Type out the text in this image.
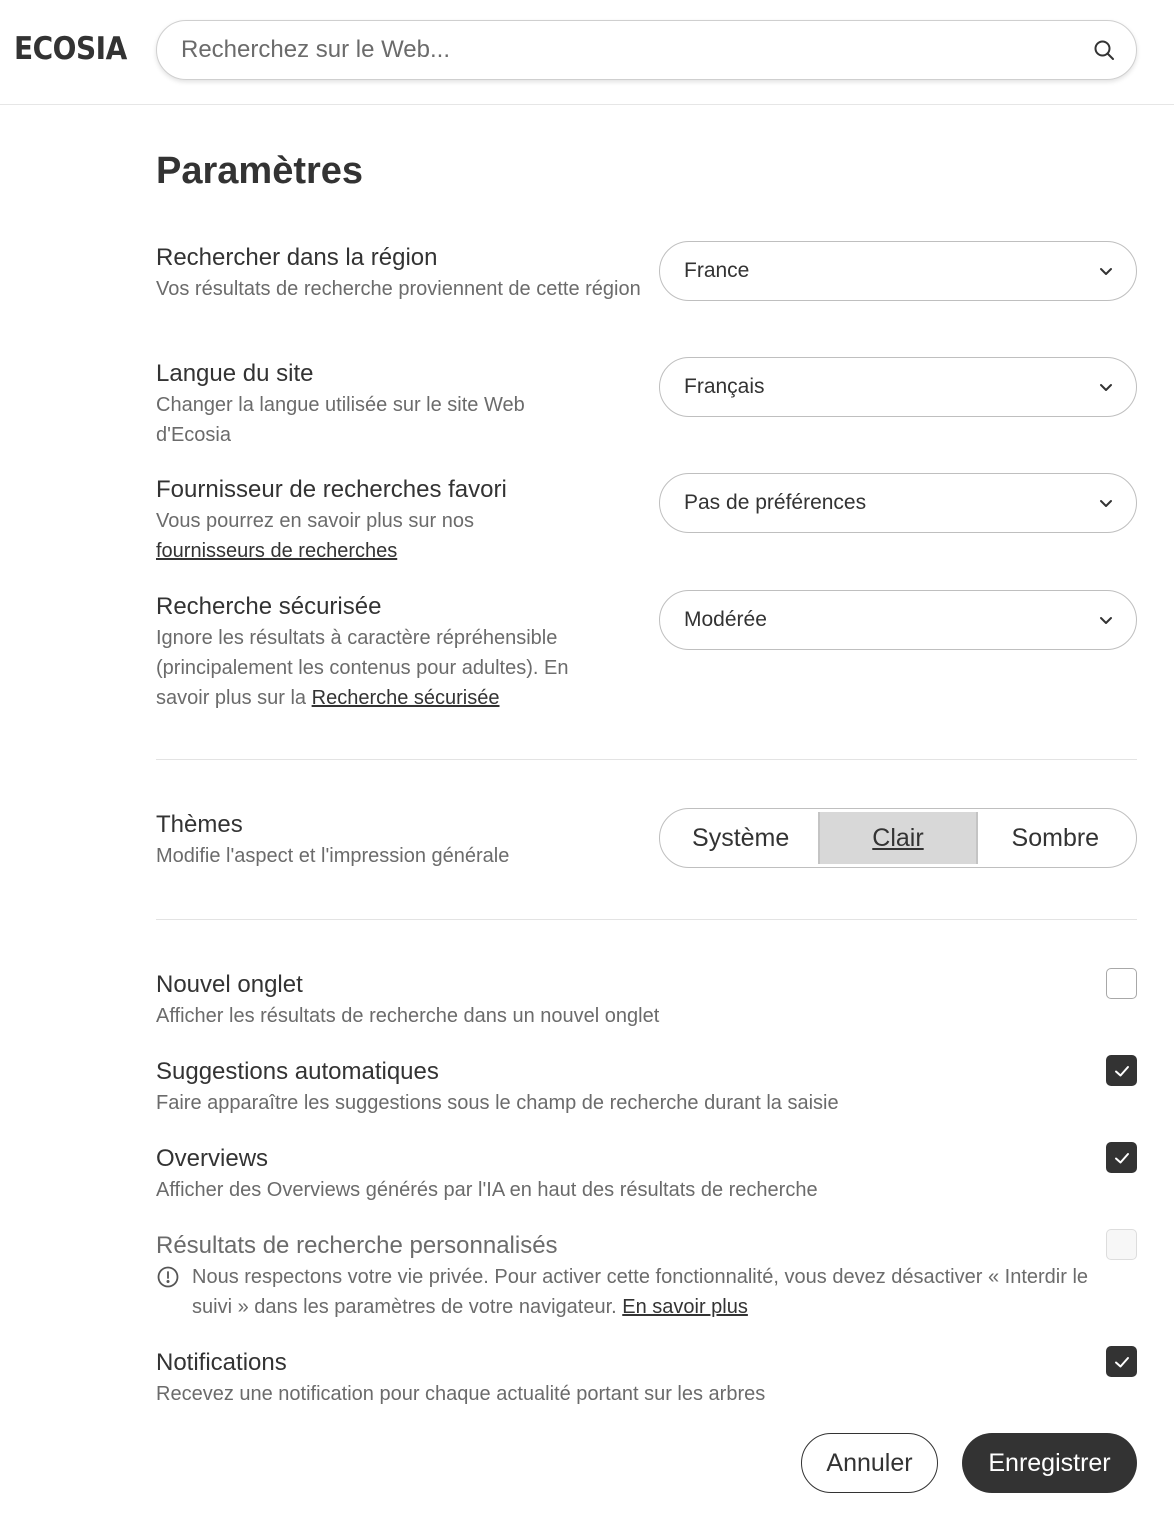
ECOSIA
Recherchez sur le Web...
Paramètres
Rechercher dans la région
Vos résultats de recherche proviennent de cette région
France
Langue du site
Changer la langue utilisée sur le site Web d'Ecosia
Français
Fournisseur de recherches favori
Vous pourrez en savoir plus sur nos
fournisseurs de recherches
Pas de préférences
Recherche sécurisée
Ignore les résultats à caractère répréhensible (principalement les contenus pour adultes). En savoir plus sur la Recherche sécurisée
Modérée
Thèmes
Modifie l'aspect et l'impression générale
Système	Clair	Sombre
Nouvel onglet
Afficher les résultats de recherche dans un nouvel onglet
Suggestions automatiques
Faire apparaître les suggestions sous le champ de recherche durant la saisie
Overviews
Afficher des Overviews générés par l'IA en haut des résultats de recherche
Résultats de recherche personnalisés
Nous respectons votre vie privée. Pour activer cette fonctionnalité, vous devez désactiver « Interdir le suivi » dans les paramètres de votre navigateur. En savoir plus
Notifications
Recevez une notification pour chaque actualité portant sur les arbres
Annuler	Enregistrer
